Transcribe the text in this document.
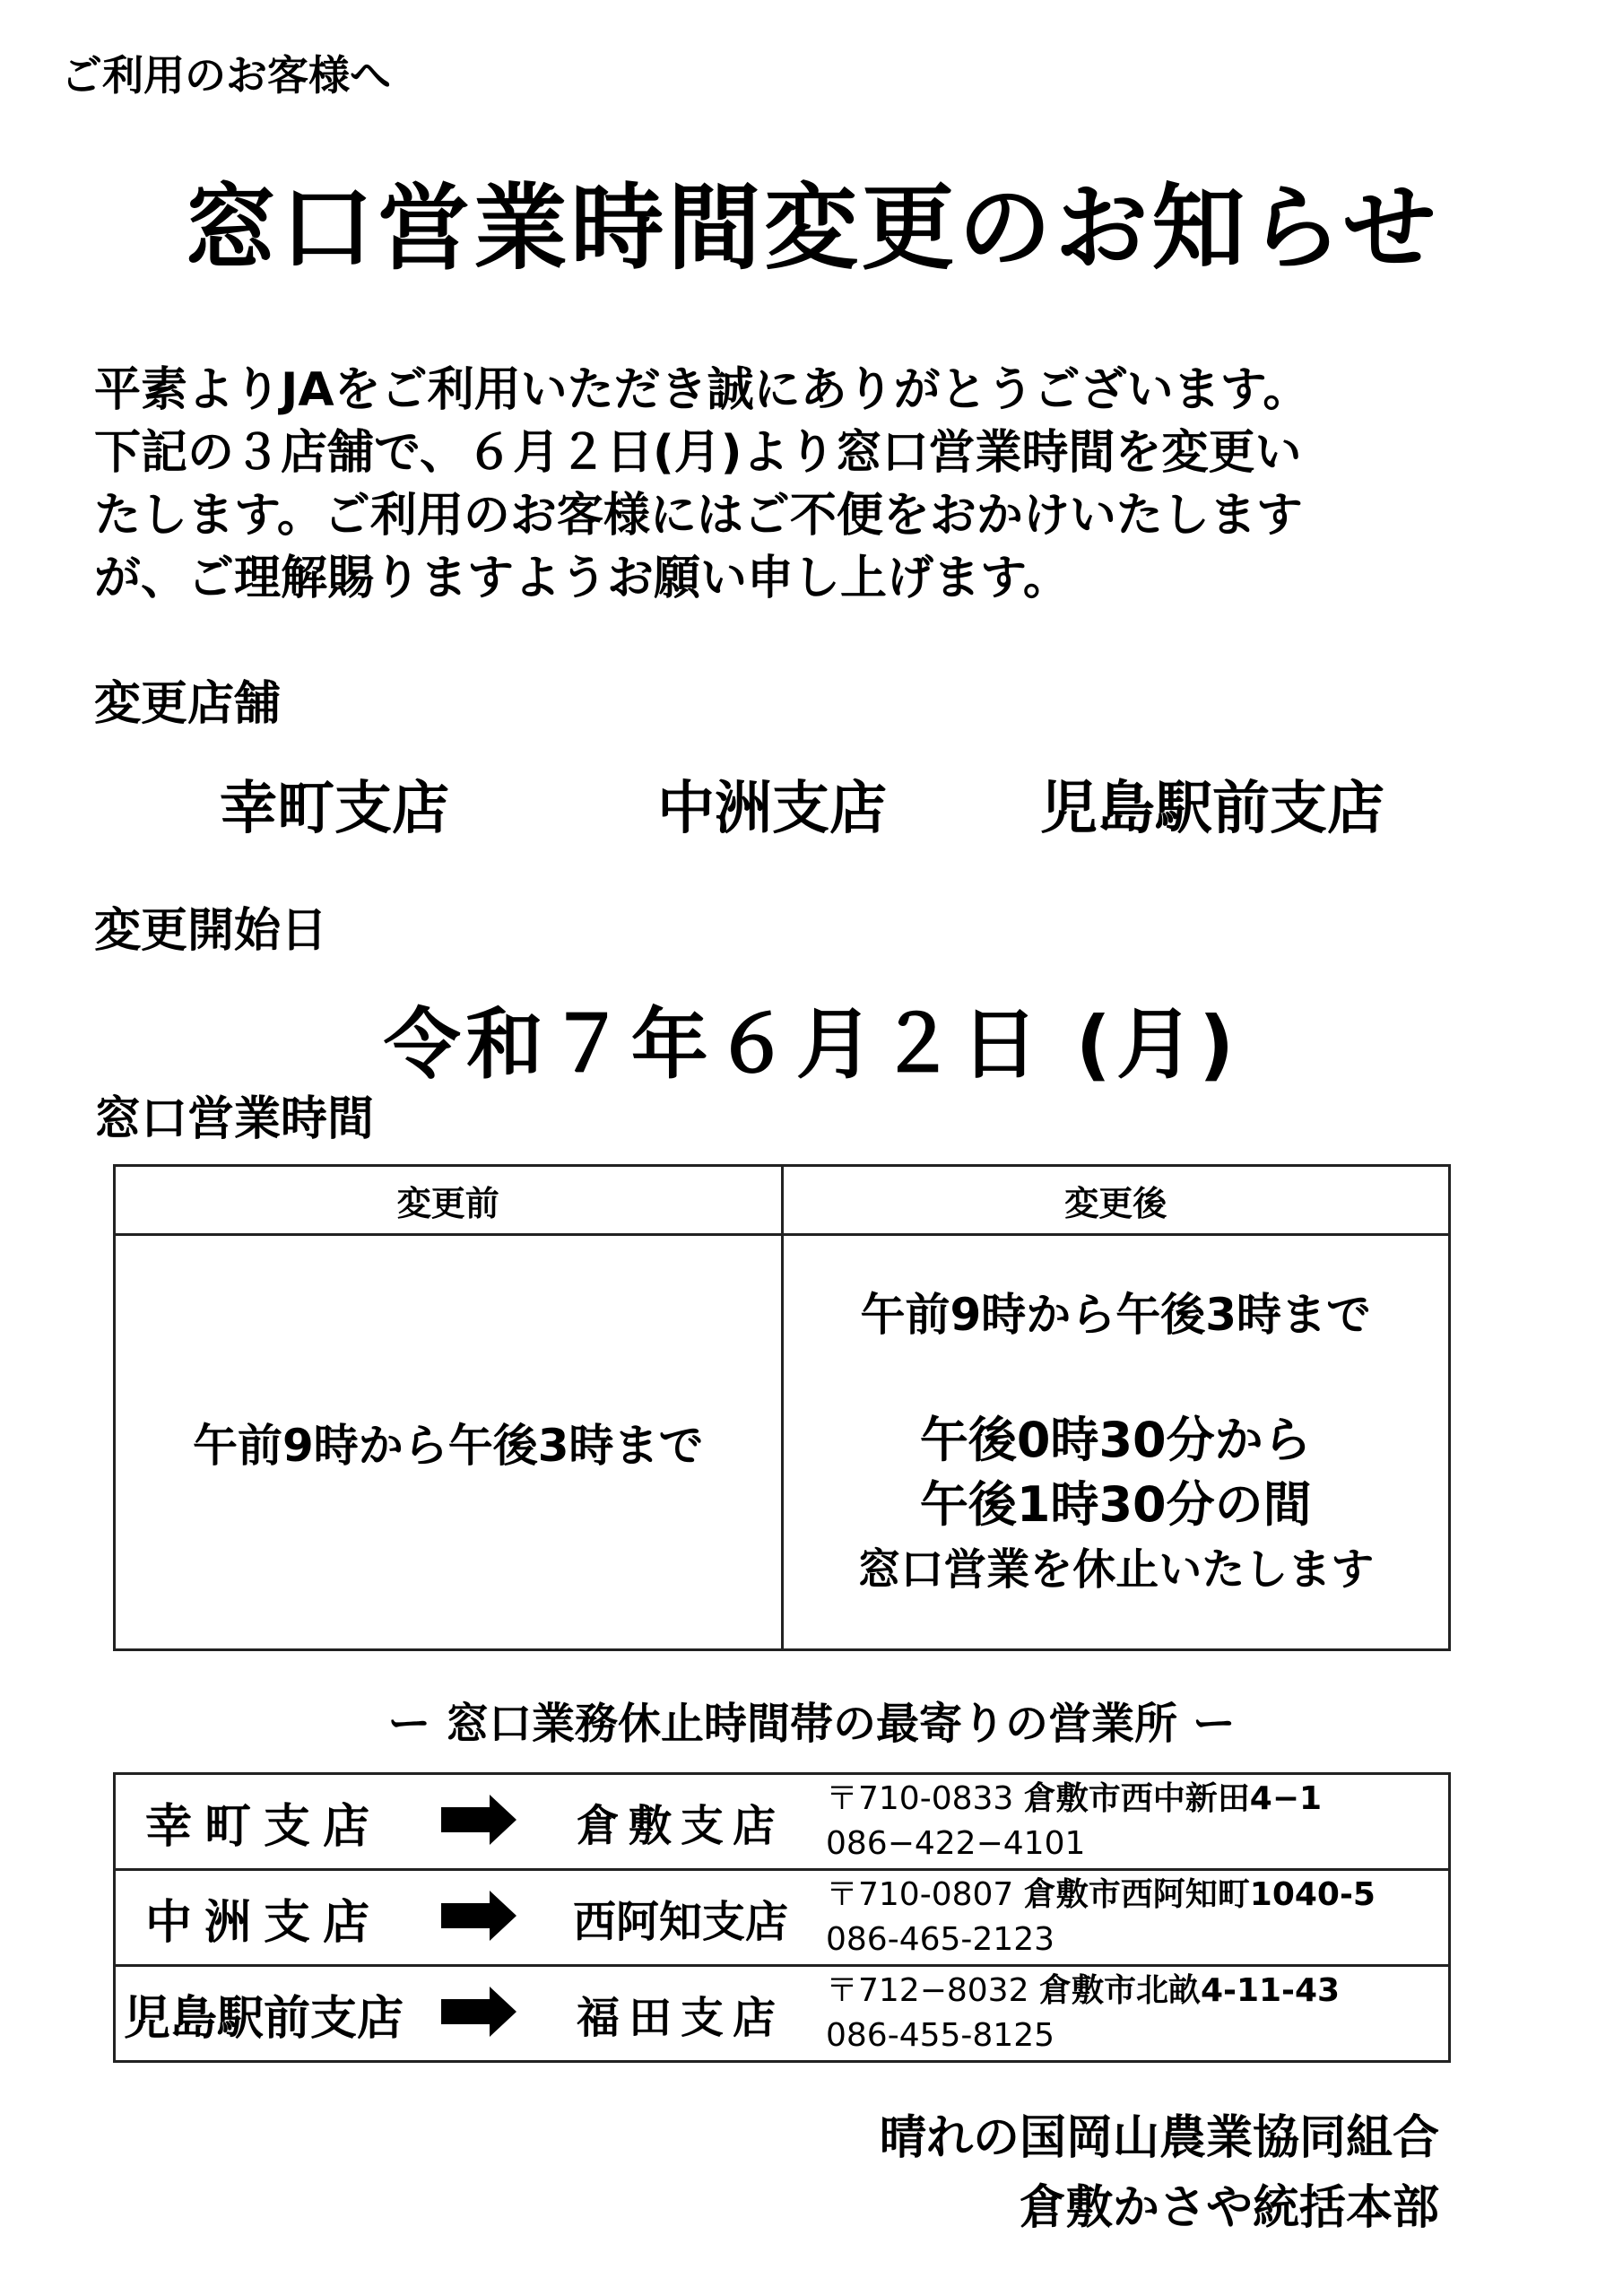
ご利用のお客様へ
窓口営業時間変更のお知らせ
平素よりJAをご利用いただき誠にありがとうございます。
下記の３店舗で、６月２日(月)より窓口営業時間を変更い
たします。ご利用のお客様にはご不便をおかけいたします
が、ご理解賜りますようお願い申し上げます。
変更店舗
幸町支店	中洲支店	児島駅前支店
変更開始日
令和７年６月２日 (月)
窓口営業時間
変更前	変更後
午前9時から午後3時まで	午前9時から午後3時まで
午後0時30分から
午後1時30分の間
窓口営業を休止いたします
ー 窓口業務休止時間帯の最寄りの営業所 ー
幸町支店		倉敷支店	〒710-0833 倉敷市西中新田4−1
086−422−4101

中洲支店		西阿知支店	〒710-0807 倉敷市西阿知町1040-5
086-465-2123

児島駅前支店		福田支店	〒712−8032 倉敷市北畝4-11-43
086-455-8125
晴れの国岡山農業協同組合
倉敷かさや統括本部
